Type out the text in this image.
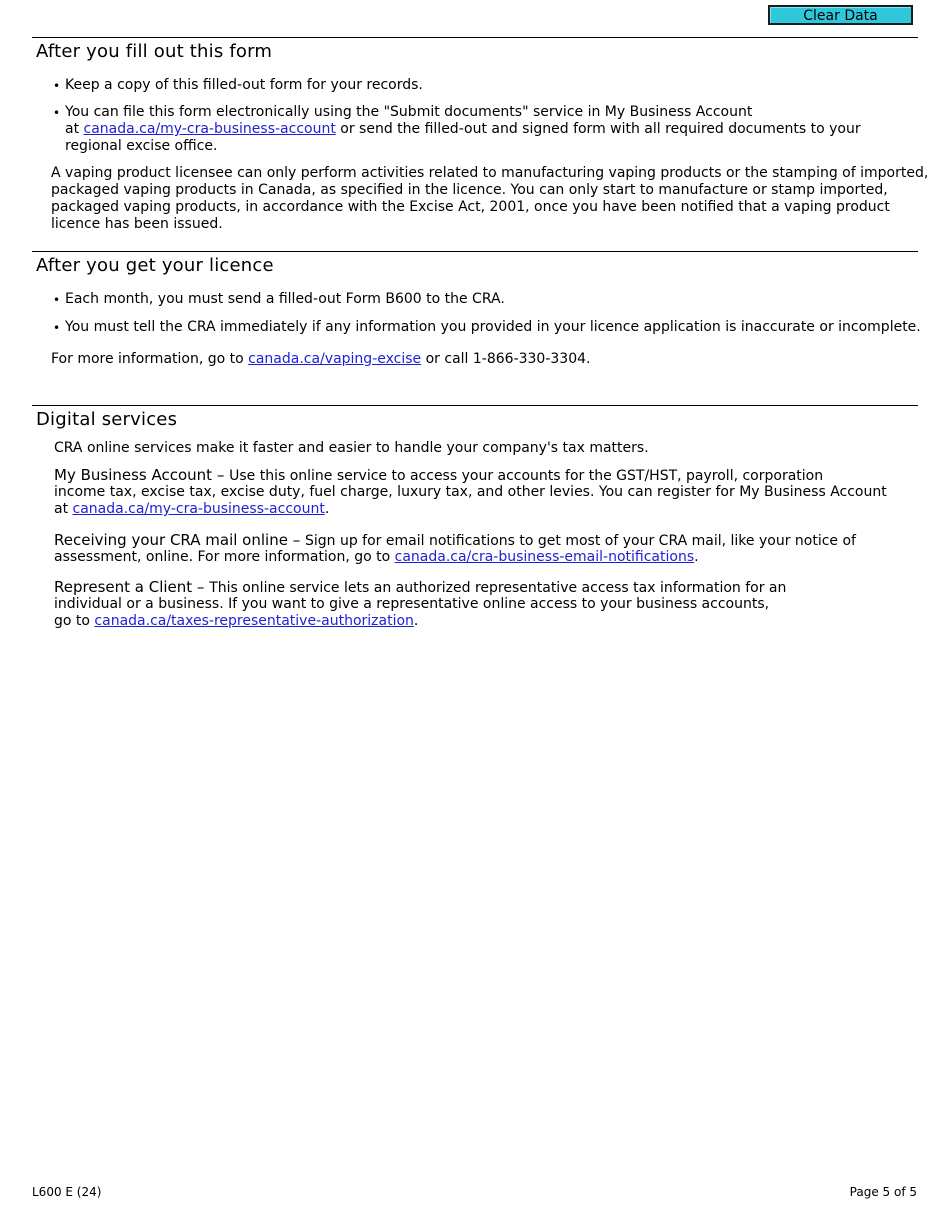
Clear Data
After you fill out this form
• Keep a copy of this filled-out form for your records.

• You can file this form electronically using the "Submit documents" service in My Business Account

at canada.ca/my-cra-business-account or send the filled-out and signed form with all required documents to your

regional excise office.

A vaping product licensee can only perform activities related to manufacturing vaping products or the stamping of imported,

packaged vaping products in Canada, as specified in the licence. You can only start to manufacture or stamp imported,

packaged vaping products, in accordance with the Excise Act, 2001, once you have been notified that a vaping product

licence has been issued.

After you get your licence
• Each month, you must send a filled-out Form B600 to the CRA.

• You must tell the CRA immediately if any information you provided in your licence application is inaccurate or incomplete.

For more information, go to canada.ca/vaping-excise or call 1-866-330-3304.

Digital services

CRA online services make it faster and easier to handle your company's tax matters.

My Business Account – Use this online service to access your accounts for the GST/HST, payroll, corporation

income tax, excise tax, excise duty, fuel charge, luxury tax, and other levies. You can register for My Business Account

at canada.ca/my-cra-business-account.

Receiving your CRA mail online – Sign up for email notifications to get most of your CRA mail, like your notice of

assessment, online. For more information, go to canada.ca/cra-business-email-notifications.

Represent a Client – This online service lets an authorized representative access tax information for an

individual or a business. If you want to give a representative online access to your business accounts,

go to canada.ca/taxes-representative-authorization.

L600 E (24)	Page 5 of 5
